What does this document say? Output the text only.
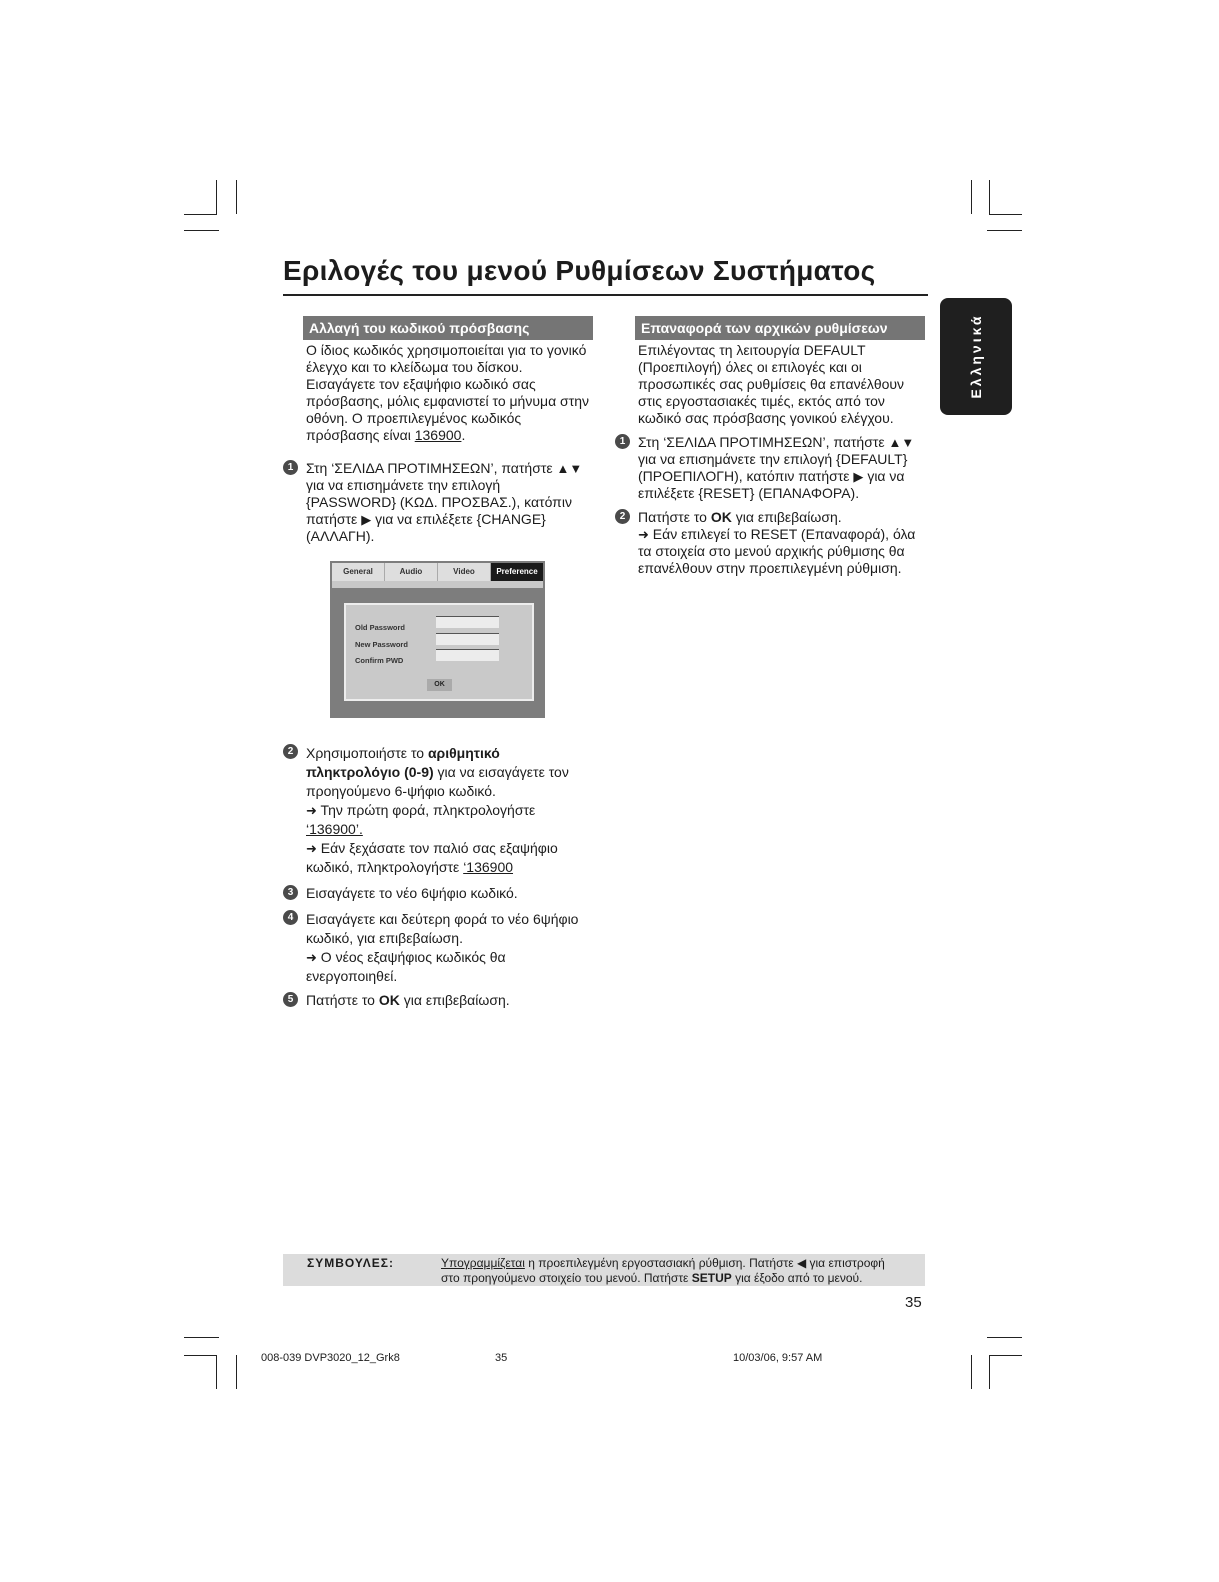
Εριλογές του μενού Ρυθμίσεων Συστήματος
Ελληνικά
Αλλαγή του κωδικού πρόσβασης

Ο ίδιος κωδικός χρησιμοποιείται για το γονικό έλεγχο και το κλείδωμα του δίσκου. Εισαγάγετε τον εξαψήφιο κωδικό σας πρόσβασης, μόλις εμφανιστεί το μήνυμα στην οθόνη. Ο προεπιλεγμένος κωδικός πρόσβασης είναι 136900.

1 Στη ‘ΣΕΛΙΔΑ ΠΡΟΤΙΜΗΣΕΩΝ’, πατήστε ▲▼ για να επισημάνετε την επιλογή {PASSWORD} (ΚΩΔ. ΠΡΟΣΒΑΣ.), κατόπιν πατήστε ▶ για να επιλέξετε {CHANGE} (ΑΛΛΑΓΗ).
General	Audio	Video	Preference
Old Password
New Password
Confirm PWD
OK
2 Χρησιμοποιήστε το αριθμητικό πληκτρολόγιο (0-9) για να εισαγάγετε τον προηγούμενο 6-ψήφιο κωδικό.
➜ Την πρώτη φορά, πληκτρολογήστε ‘136900’.
➜ Εάν ξεχάσατε τον παλιό σας εξαψήφιο κωδικό, πληκτρολογήστε ‘136900
3 Εισαγάγετε το νέο 6ψήφιο κωδικό.
4 Εισαγάγετε και δεύτερη φορά το νέο 6ψήφιο κωδικό, για επιβεβαίωση.
➜ Ο νέος εξαψήφιος κωδικός θα ενεργοποιηθεί.
5 Πατήστε το OK για επιβεβαίωση.
Επαναφορά των αρχικών ρυθμίσεων

Επιλέγοντας τη λειτουργία DEFAULT (Προεπιλογή) όλες οι επιλογές και οι προσωπικές σας ρυθμίσεις θα επανέλθουν στις εργοστασιακές τιμές, εκτός από τον κωδικό σας πρόσβασης γονικού ελέγχου.

1 Στη ‘ΣΕΛΙΔΑ ΠΡΟΤΙΜΗΣΕΩΝ’, πατήστε ▲▼ για να επισημάνετε την επιλογή {DEFAULT} (ΠΡΟΕΠΙΛΟΓΗ), κατόπιν πατήστε ▶ για να επιλέξετε {RESET} (ΕΠΑΝΑΦΟΡΑ).
2 Πατήστε το OK για επιβεβαίωση.
➜ Εάν επιλεγεί το RESET (Επαναφορά), όλα τα στοιχεία στο μενού αρχικής ρύθμισης θα επανέλθουν στην προεπιλεγμένη ρύθμιση.
ΣΥΜΒΟΥΛΕΣ:	Υπογραμμίζεται η προεπιλεγμένη εργοστασιακή ρύθμιση. Πατήστε ◀ για επιστροφή
στο προηγούμενο στοιχείο του μενού. Πατήστε SETUP για έξοδο από το μενού.
35
008-039 DVP3020_12_Grk8	35	10/03/06, 9:57 AM
